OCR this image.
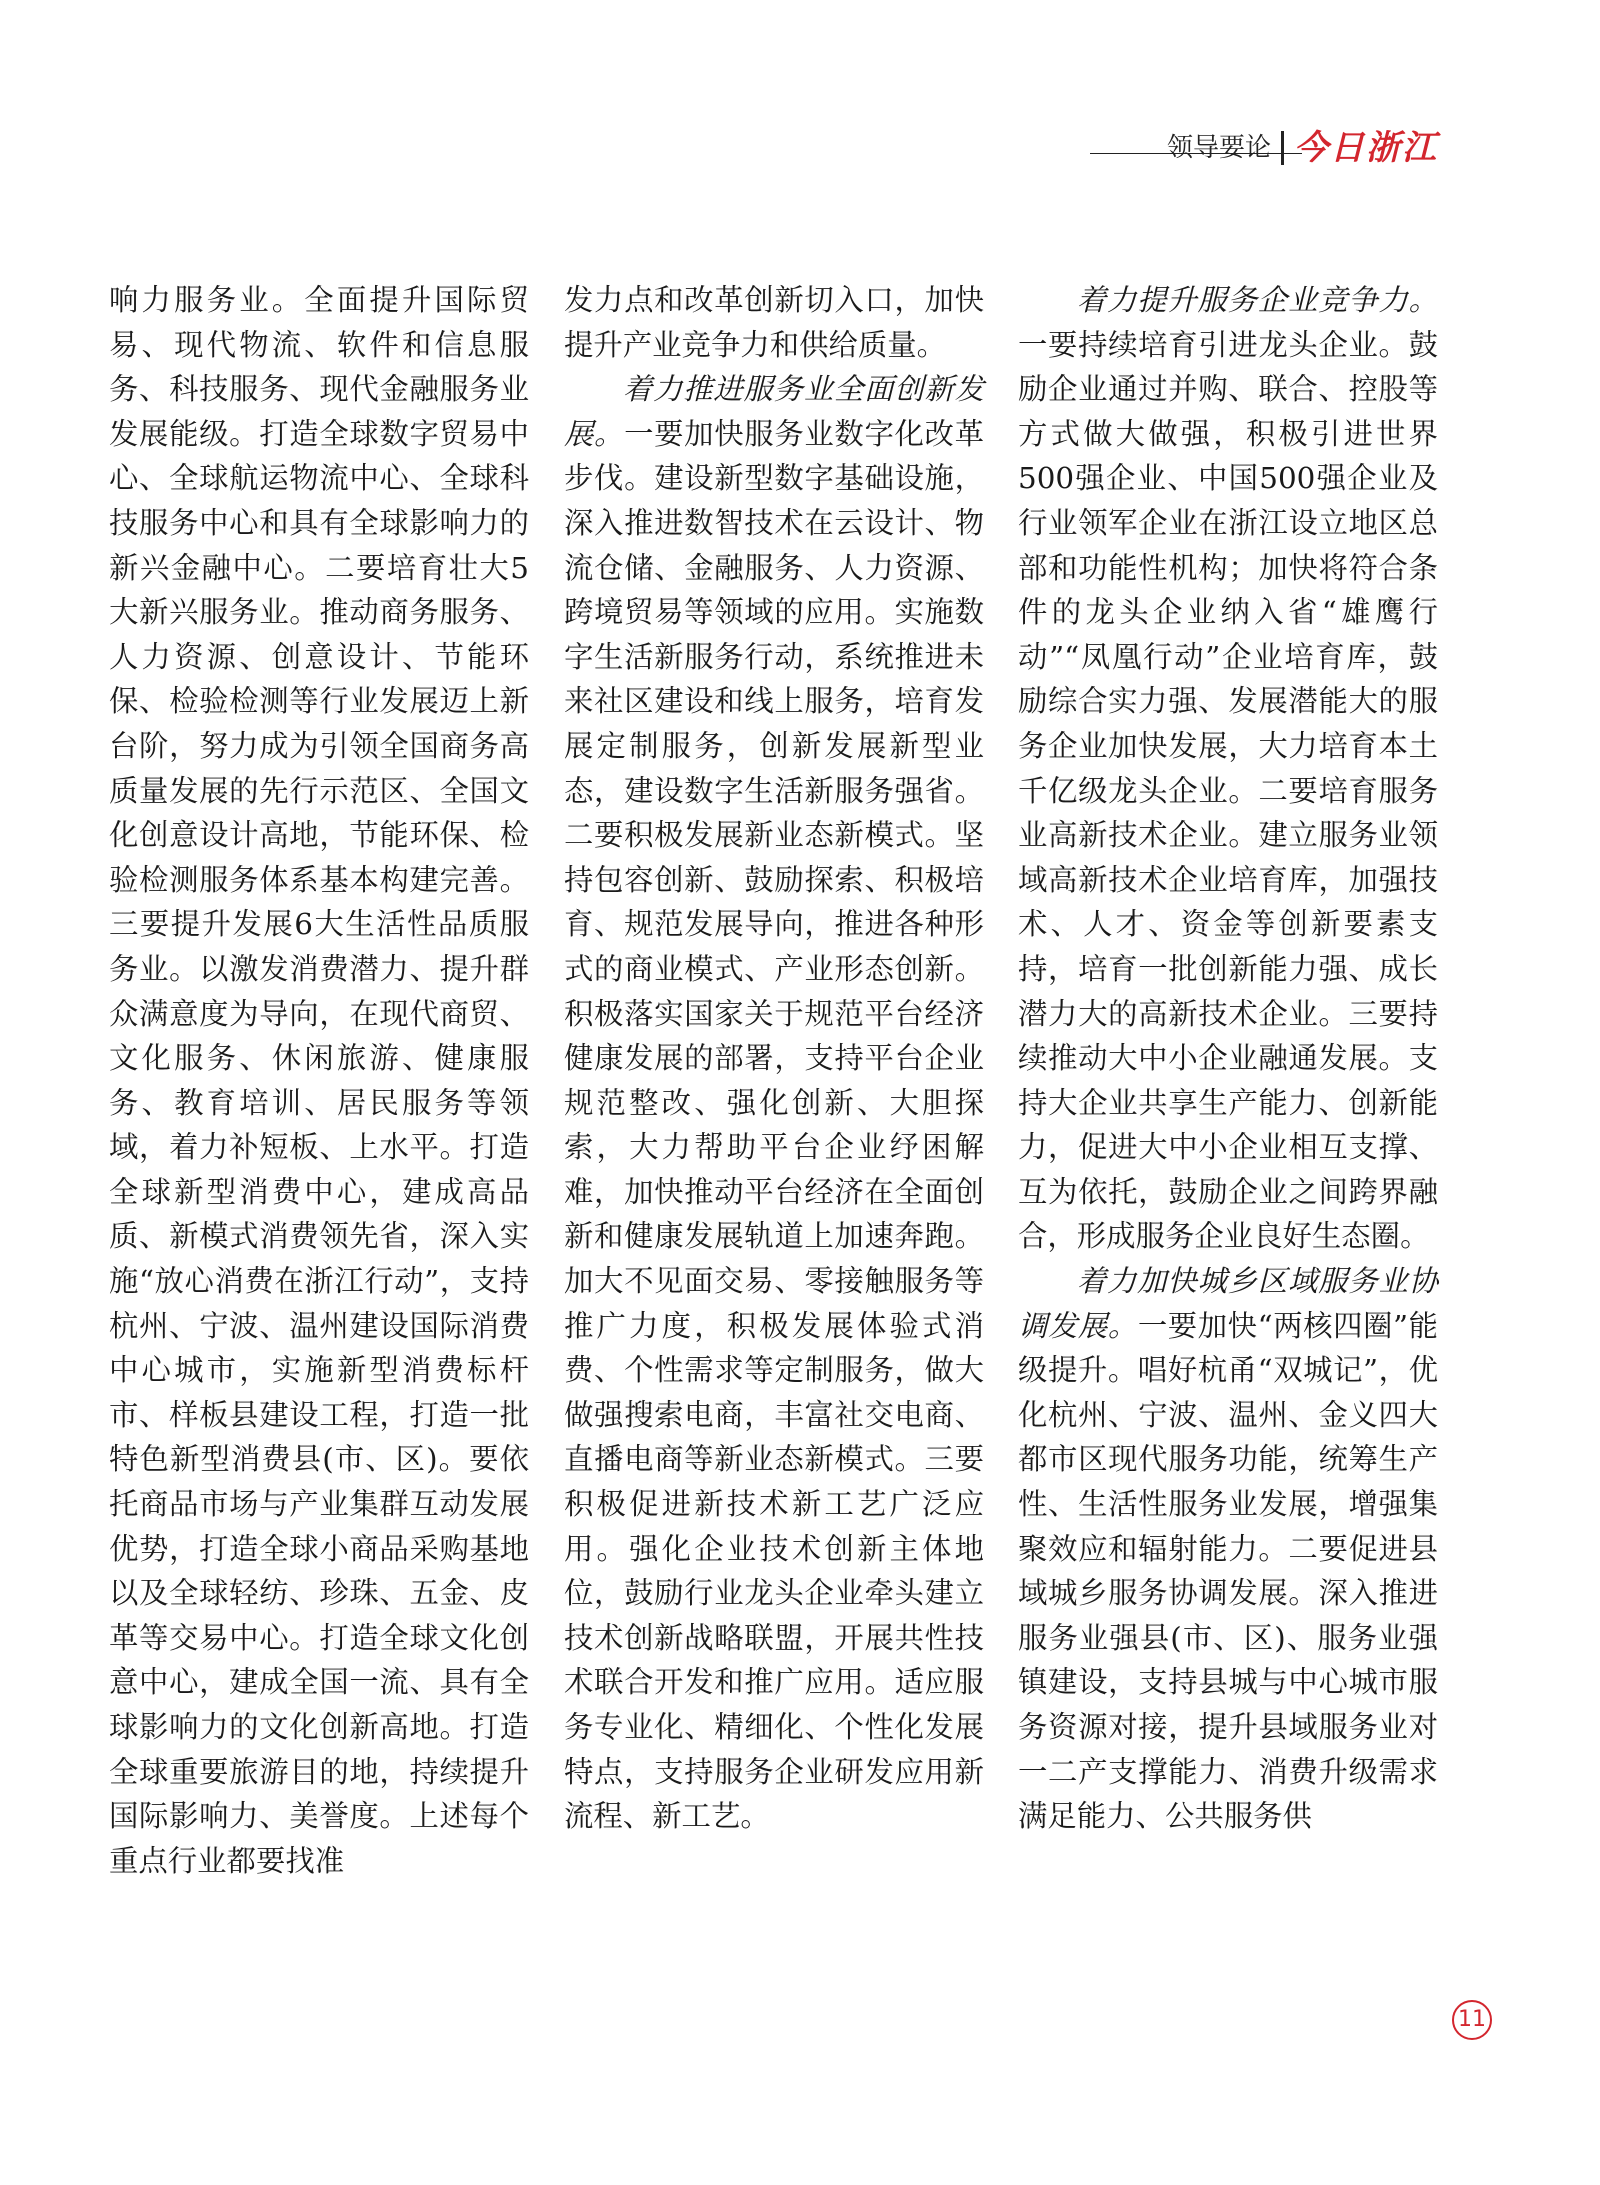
领导要论 今日浙江

响力服务业。全面提升国际贸易、现代物流、软件和信息服务、科技服务、现代金融服务业发展能级。打造全球数字贸易中心、全球航运物流中心、全球科技服务中心和具有全球影响力的新兴金融中心。二要培育壮大5大新兴服务业。推动商务服务、人力资源、创意设计、节能环保、检验检测等行业发展迈上新台阶，努力成为引领全国商务高质量发展的先行示范区、全国文化创意设计高地，节能环保、检验检测服务体系基本构建完善。三要提升发展6大生活性品质服务业。以激发消费潜力、提升群众满意度为导向，在现代商贸、文化服务、休闲旅游、健康服务、教育培训、居民服务等领域，着力补短板、上水平。打造全球新型消费中心，建成高品质、新模式消费领先省，深入实施“放心消费在浙江行动”，支持杭州、宁波、温州建设国际消费中心城市，实施新型消费标杆市、样板县建设工程，打造一批特色新型消费县(市、区)。要依托商品市场与产业集群互动发展优势，打造全球小商品采购基地以及全球轻纺、珍珠、五金、皮革等交易中心。打造全球文化创意中心，建成全国一流、具有全球影响力的文化创新高地。打造全球重要旅游目的地，持续提升国际影响力、美誉度。上述每个重点行业都要找准

发力点和改革创新切入口，加快提升产业竞争力和供给质量。

着力推进服务业全面创新发展。一要加快服务业数字化改革步伐。建设新型数字基础设施，深入推进数智技术在云设计、物流仓储、金融服务、人力资源、跨境贸易等领域的应用。实施数字生活新服务行动，系统推进未来社区建设和线上服务，培育发展定制服务，创新发展新型业态，建设数字生活新服务强省。二要积极发展新业态新模式。坚持包容创新、鼓励探索、积极培育、规范发展导向，推进各种形式的商业模式、产业形态创新。积极落实国家关于规范平台经济健康发展的部署，支持平台企业规范整改、强化创新、大胆探索，大力帮助平台企业纾困解难，加快推动平台经济在全面创新和健康发展轨道上加速奔跑。加大不见面交易、零接触服务等推广力度，积极发展体验式消费、个性需求等定制服务，做大做强搜索电商，丰富社交电商、直播电商等新业态新模式。三要积极促进新技术新工艺广泛应用。强化企业技术创新主体地位，鼓励行业龙头企业牵头建立技术创新战略联盟，开展共性技术联合开发和推广应用。适应服务专业化、精细化、个性化发展特点，支持服务企业研发应用新流程、新工艺。

着力提升服务企业竞争力。一要持续培育引进龙头企业。鼓励企业通过并购、联合、控股等方式做大做强，积极引进世界500强企业、中国500强企业及行业领军企业在浙江设立地区总部和功能性机构；加快将符合条件的龙头企业纳入省“雄鹰行动”“凤凰行动”企业培育库，鼓励综合实力强、发展潜能大的服务企业加快发展，大力培育本土千亿级龙头企业。二要培育服务业高新技术企业。建立服务业领域高新技术企业培育库，加强技术、人才、资金等创新要素支持，培育一批创新能力强、成长潜力大的高新技术企业。三要持续推动大中小企业融通发展。支持大企业共享生产能力、创新能力，促进大中小企业相互支撑、互为依托，鼓励企业之间跨界融合，形成服务企业良好生态圈。

着力加快城乡区域服务业协调发展。一要加快“两核四圈”能级提升。唱好杭甬“双城记”，优化杭州、宁波、温州、金义四大都市区现代服务功能，统筹生产性、生活性服务业发展，增强集聚效应和辐射能力。二要促进县域城乡服务协调发展。深入推进服务业强县(市、区)、服务业强镇建设，支持县城与中心城市服务资源对接，提升县域服务业对一二产支撑能力、消费升级需求满足能力、公共服务供

11
